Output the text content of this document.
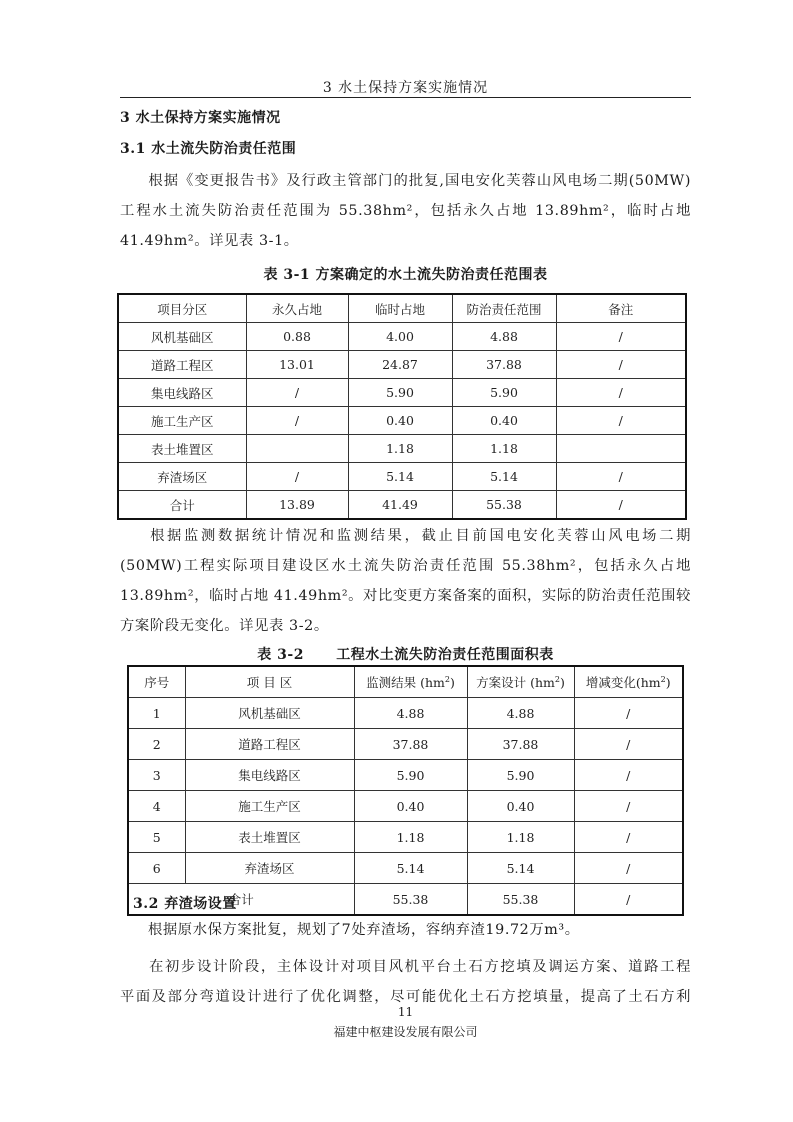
3 水土保持方案实施情况
3 水土保持方案实施情况
3.1 水土流失防治责任范围
根据《变更报告书》及行政主管部门的批复,国电安化芙蓉山风电场二期(50MW)
工程水土流失防治责任范围为 55.38hm²，包括永久占地 13.89hm²，临时占地
41.49hm²。详见表 3-1。
表 3-1 方案确定的水土流失防治责任范围表
项目分区	永久占地	临时占地	防治责任范围	备注
风机基础区	0.88	4.00	4.88	/
道路工程区	13.01	24.87	37.88	/
集电线路区	/	5.90	5.90	/
施工生产区	/	0.40	0.40	/
表土堆置区		1.18	1.18	
弃渣场区	/	5.14	5.14	/
合计	13.89	41.49	55.38	/
根据监测数据统计情况和监测结果，截止目前国电安化芙蓉山风电场二期
(50MW)工程实际项目建设区水土流失防治责任范围 55.38hm²，包括永久占地
13.89hm²，临时占地 41.49hm²。对比变更方案备案的面积，实际的防治责任范围较
方案阶段无变化。详见表 3-2。
表 3-2      工程水土流失防治责任范围面积表
序号	项 目 区	监测结果 $(hm^2)$	方案设计 $(hm^2)$	增减变化$(hm^2)$
1	风机基础区	4.88	4.88	/
2	道路工程区	37.88	37.88	/
3	集电线路区	5.90	5.90	/
4	施工生产区	0.40	0.40	/
5	表土堆置区	1.18	1.18	/
6	弃渣场区	5.14	5.14	/
合计		55.38	55.38	/
3.2 弃渣场设置
根据原水保方案批复，规划了7处弃渣场，容纳弃渣19.72万m³。
在初步设计阶段，主体设计对项目风机平台土石方挖填及调运方案、道路工程
平面及部分弯道设计进行了优化调整，尽可能优化土石方挖填量，提高了土石方利
11
福建中枢建设发展有限公司
